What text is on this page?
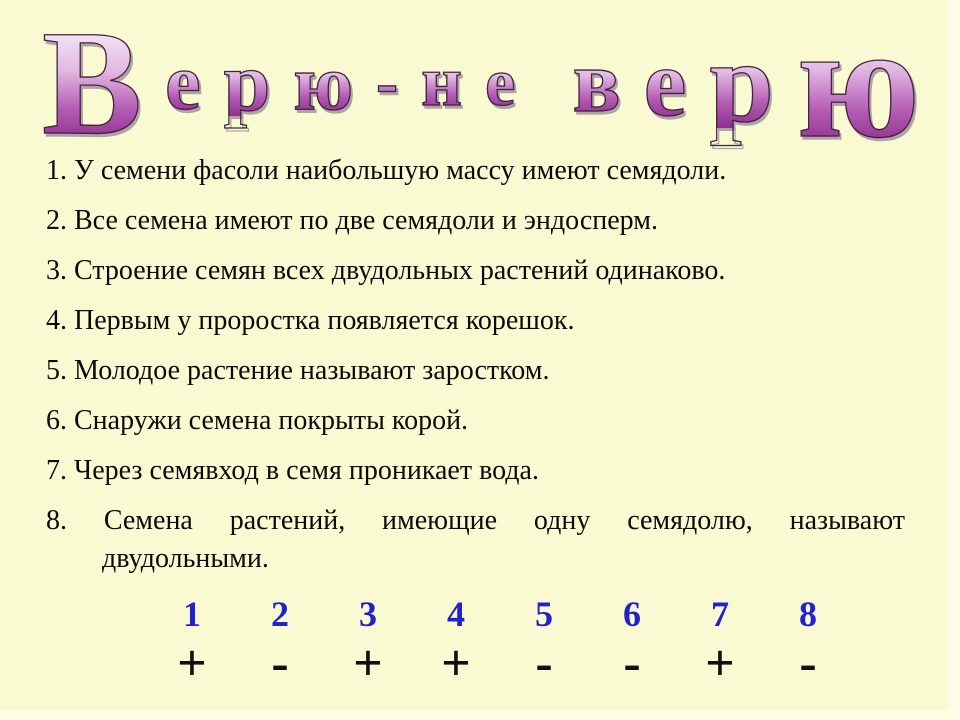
В е р ю - н е
в е р ю
1. У семени фасоли наибольшую массу имеют семядоли.
2. Все семена имеют по две семядоли и эндосперм.
3. Строение семян всех двудольных растений одинаково.
4. Первым у проростка появляется корешок.
5. Молодое растение называют заростком.
6. Снаружи семена покрыты корой.
7. Через семявход в семя проникает вода.
8. Семена растений, имеющие одну семядолю, называют
двудольными.
1	2	3	4	5	6	7	8
+	-	+	+	-	-	+	-
